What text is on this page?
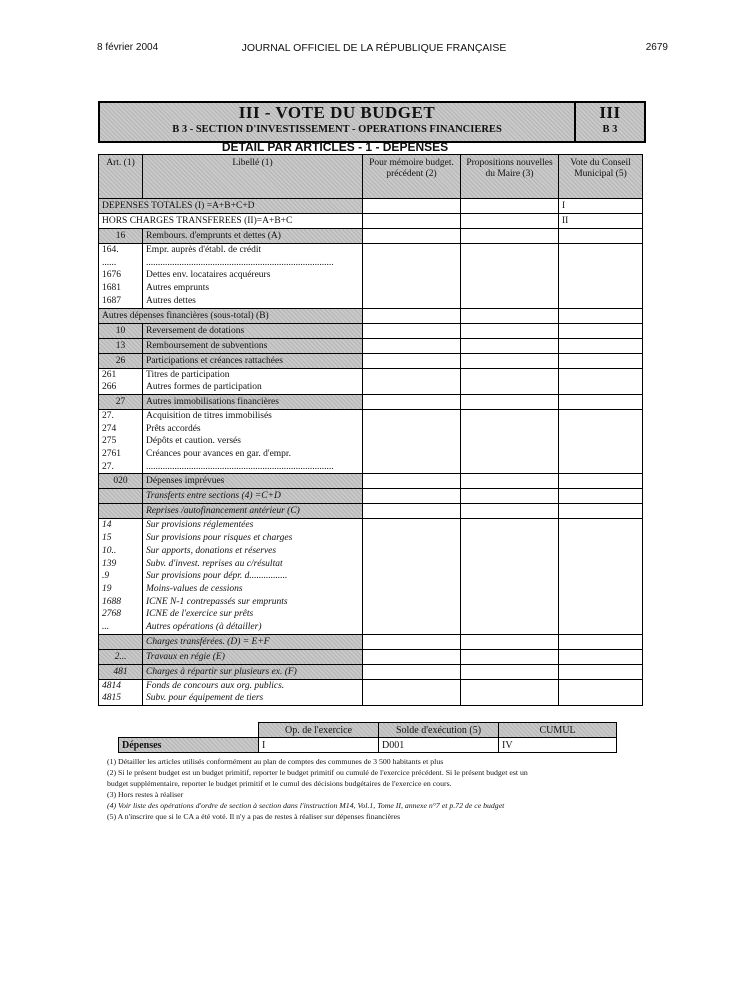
8 février 2004	JOURNAL OFFICIEL DE LA RÉPUBLIQUE FRANÇAISE	2679
III - VOTE DU BUDGET
B 3 - SECTION D'INVESTISSEMENT - OPERATIONS FINANCIERES
III
B 3
DETAIL PAR ARTICLES - 1 - DEPENSES
Art. (1)	Libellé (1)	Pour mémoire budget. précédent (2)	Propositions nouvelles du Maire (3)	Vote du Conseil Municipal (5)
DEPENSES TOTALES (I) =A+B+C+D				I
HORS CHARGES TRANSFEREES (II)=A+B+C				II
16	Rembours. d'emprunts et dettes (A)			
164.	Empr. auprès d'établ. de crédit			
......	...............................................................................			
1676	Dettes env. locataires acquéreurs			
1681	Autres emprunts			
1687	Autres dettes			
Autres dépenses financières (sous-total) (B)				
10	Reversement de dotations			
13	Remboursement de subventions			
26	Participations et créances rattachées			
261	Titres de participation			
266	Autres formes de participation			
27	Autres immobilisations financières			
27.	Acquisition de titres immobilisés			
274	Prêts accordés			
275	Dépôts et caution. versés			
2761	Créances pour avances en gar. d'empr.			
27.	...............................................................................			
020	Dépenses imprévues			
	Transferts entre sections (4) =C+D			
	Reprises /autofinancement antérieur (C)			
14	Sur provisions réglementées			
15	Sur provisions pour risques et charges			
10..	Sur apports, donations et réserves			
139	Subv. d'invest. reprises au c/résultat			
.9	Sur provisions pour dépr. d................			
19	Moins-values de cessions			
1688	ICNE N-1 contrepassés sur emprunts			
2768	ICNE de l'exercice sur prêts			
...	Autres opérations (à détailler)			
	Charges transférées. (D) = E+F			
2...	Travaux en régie (E)			
481	Charges à répartir sur plusieurs ex. (F)			
4814	Fonds de concours aux org. publics.			
4815	Subv. pour équipement de tiers			
	Op. de l'exercice	Solde d'exécution (5)	CUMUL
Dépenses	I	D001	IV
(1) Détailler les articles utilisés conformément au plan de comptes des communes de 3 500 habitants et plus
(2) Si le présent budget est un budget primitif, reporter le budget primitif ou cumulé de l'exercice précédent. Si le présent budget est un
budget supplémentaire, reporter le budget primitif et le cumul des décisions budgétaires de l'exercice en cours.
(3) Hors restes à réaliser
(4) Voir liste des opérations d'ordre de section à section dans l'instruction M14, Vol.1, Tome II, annexe n°7 et p.72 de ce budget
(5) A n'inscrire que si le CA a été voté. Il n'y a pas de restes à réaliser sur dépenses financières
